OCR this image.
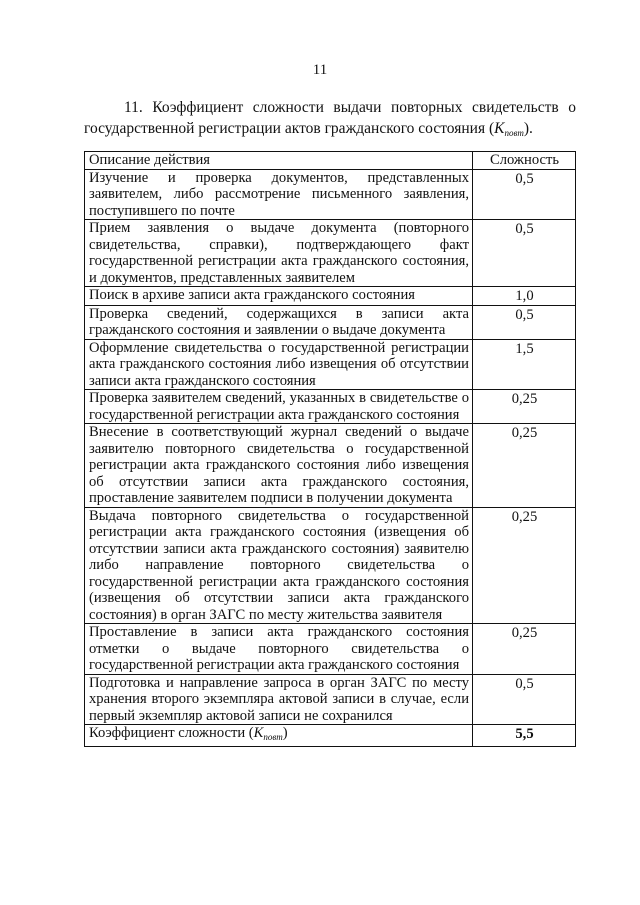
11
11. Коэффициент сложности выдачи повторных свидетельств о государственной регистрации актов гражданского состояния (Kповт).
Описание действия	Сложность
Изучение и проверка документов, представленных заявителем, либо рассмотрение письменного заявления, поступившего по почте	0,5
Прием заявления о выдаче документа (повторного свидетельства, справки), подтверждающего факт государственной регистрации акта гражданского состояния, и документов, представленных заявителем	0,5
Поиск в архиве записи акта гражданского состояния	1,0
Проверка сведений, содержащихся в записи акта гражданского состояния и заявлении о выдаче документа	0,5
Оформление свидетельства о государственной регистрации акта гражданского состояния либо извещения об отсутствии записи акта гражданского состояния	1,5
Проверка заявителем сведений, указанных в свидетельстве о государственной регистрации акта гражданского состояния	0,25
Внесение в соответствующий журнал сведений о выдаче заявителю повторного свидетельства о государственной регистрации акта гражданского состояния либо извещения об отсутствии записи акта гражданского состояния, проставление заявителем подписи в получении документа	0,25
Выдача повторного свидетельства о государственной регистрации акта гражданского состояния (извещения об отсутствии записи акта гражданского состояния) заявителю либо направление повторного свидетельства о государственной регистрации акта гражданского состояния (извещения об отсутствии записи акта гражданского состояния) в орган ЗАГС по месту жительства заявителя	0,25
Проставление в записи акта гражданского состояния отметки о выдаче повторного свидетельства о государственной регистрации акта гражданского состояния	0,25
Подготовка и направление запроса в орган ЗАГС по месту хранения второго экземпляра актовой записи в случае, если первый экземпляр актовой записи не сохранился	0,5
Коэффициент сложности $(K_{повт})$	5,5
